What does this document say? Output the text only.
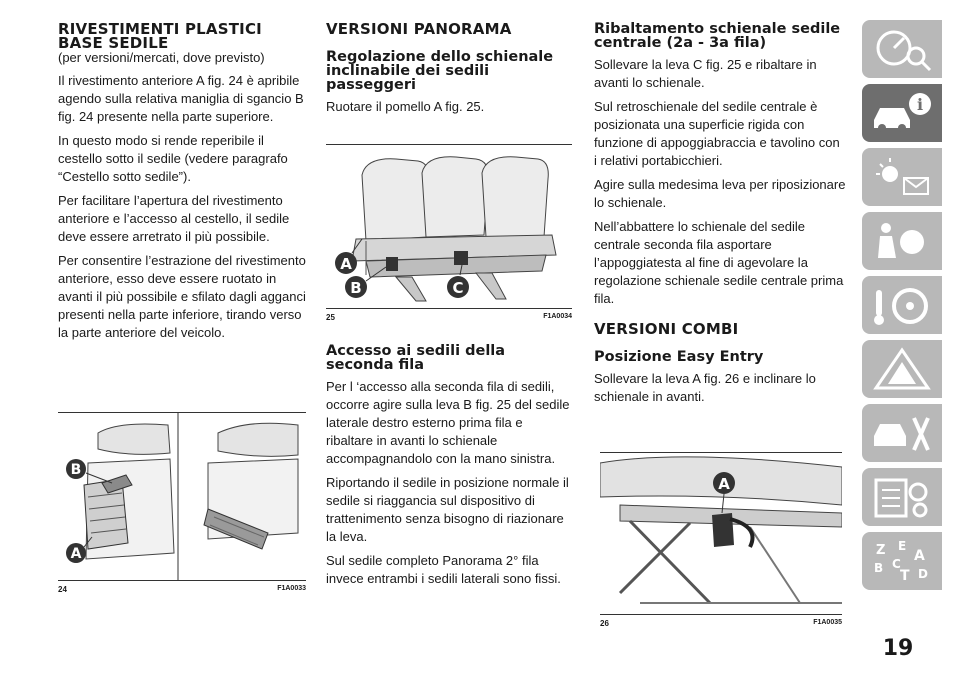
RIVESTIMENTI PLASTICI BASE SEDILE
(per versioni/mercati, dove previsto)

Il rivestimento anteriore A fig. 24 è apribile agendo sulla relativa maniglia di sgancio B fig. 24 presente nella parte superiore.

In questo modo si rende reperibile il cestello sotto il sedile (vedere paragrafo “Cestello sotto sedile”).

Per facilitare l’apertura del rivestimento anteriore e l’accesso al cestello, il sedile deve essere arretrato il più possibile.

Per consentire l’estrazione del rivestimento anteriore, esso deve essere ruotato in avanti il più possibile e sfilato dagli agganci presenti nella parte inferiore, tirando verso la parte anteriore del veicolo.

B
A
24	F1A0033
VERSIONI PANORAMA
Regolazione dello schienale inclinabile dei sedili passeggeri

Ruotare il pomello A fig. 25.

A
B	C
25	F1A0034
Accesso ai sedili della seconda fila

Per l ‘accesso alla seconda fila di sedili, occorre agire sulla leva B fig. 25 del sedile laterale destro esterno prima fila e ribaltare in avanti lo schienale accompagnandolo con la mano sinistra.

Riportando il sedile in posizione normale il sedile si riaggancia sul dispositivo di trattenimento senza bisogno di riazionare la leva.

Sul sedile completo Panorama 2° fila invece entrambi i sedili laterali sono fissi.

Ribaltamento schienale sedile centrale (2a - 3a fila)

Sollevare la leva C fig. 25 e ribaltare in avanti lo schienale.

Sul retroschienale del sedile centrale è posizionata una superficie rigida con funzione di appoggiabraccia e tavolino con i relativi portabicchieri.

Agire sulla medesima leva per riposizionare lo schienale.

Nell’abbattere lo schienale del sedile centrale seconda fila asportare l’appoggiatesta al fine di agevolare la regolazione schienale sedile centrale prima fila.

VERSIONI COMBI
Posizione Easy Entry

Sollevare la leva A fig. 26 e inclinare lo schienale in avanti.

A
26	F1A0035
i
Z E
A
B C
T D
19
